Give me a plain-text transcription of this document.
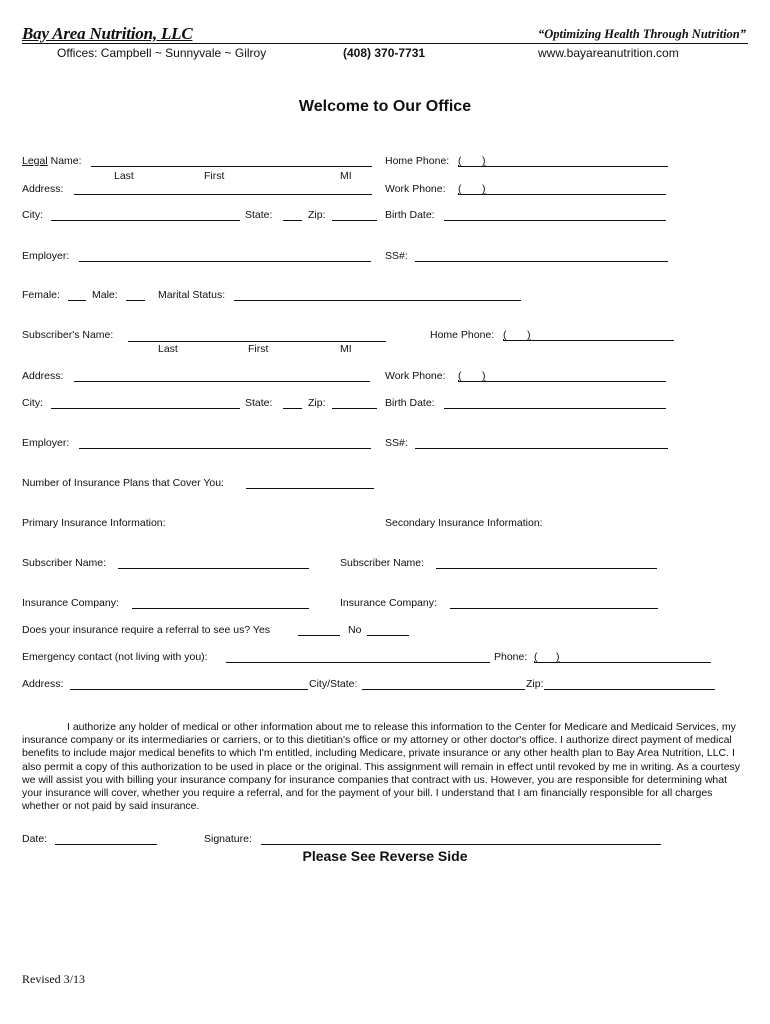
Bay Area Nutrition, LLC	“Optimizing Health Through Nutrition”
Offices: Campbell ~ Sunnyvale ~ Gilroy	(408) 370-7731	www.bayareanutrition.com
Welcome to Our Office
Legal Name:
Last	First	MI
Home Phone: ( )
Address:	Work Phone: ( )
City:	State:	Zip:	Birth Date:
Employer:	SS#:
Female:	Male:	Marital Status:
Subscriber's Name:
Last	First	MI
Home Phone: ( )
Address:	Work Phone: ( )
City:	State:	Zip:	Birth Date:
Employer:	SS#:
Number of Insurance Plans that Cover You:
Primary Insurance Information:	Secondary Insurance Information:
Subscriber Name:	Subscriber Name:
Insurance Company:	Insurance Company:
Does your insurance require a referral to see us? Yes	No
Emergency contact (not living with you):	Phone: ( )
Address:	City/State:	Zip:
I authorize any holder of medical or other information about me to release this information to the Center for Medicare and Medicaid Services, my insurance company or its intermediaries or carriers, or to this dietitian's office or my attorney or other doctor's office. I authorize direct payment of medical benefits to include major medical benefits to which I'm entitled, including Medicare, private insurance or any other health plan to Bay Area Nutrition, LLC. I also permit a copy of this authorization to be used in place or the original. This assignment will remain in effect until revoked by me in writing. As a courtesy we will assist you with billing your insurance company for insurance companies that contract with us. However, you are responsible for determining what your insurance will cover, whether you require a referral, and for the payment of your bill. I understand that I am financially responsible for all charges whether or not paid by said insurance.
Date:	Signature:
Please See Reverse Side
Revised 3/13
